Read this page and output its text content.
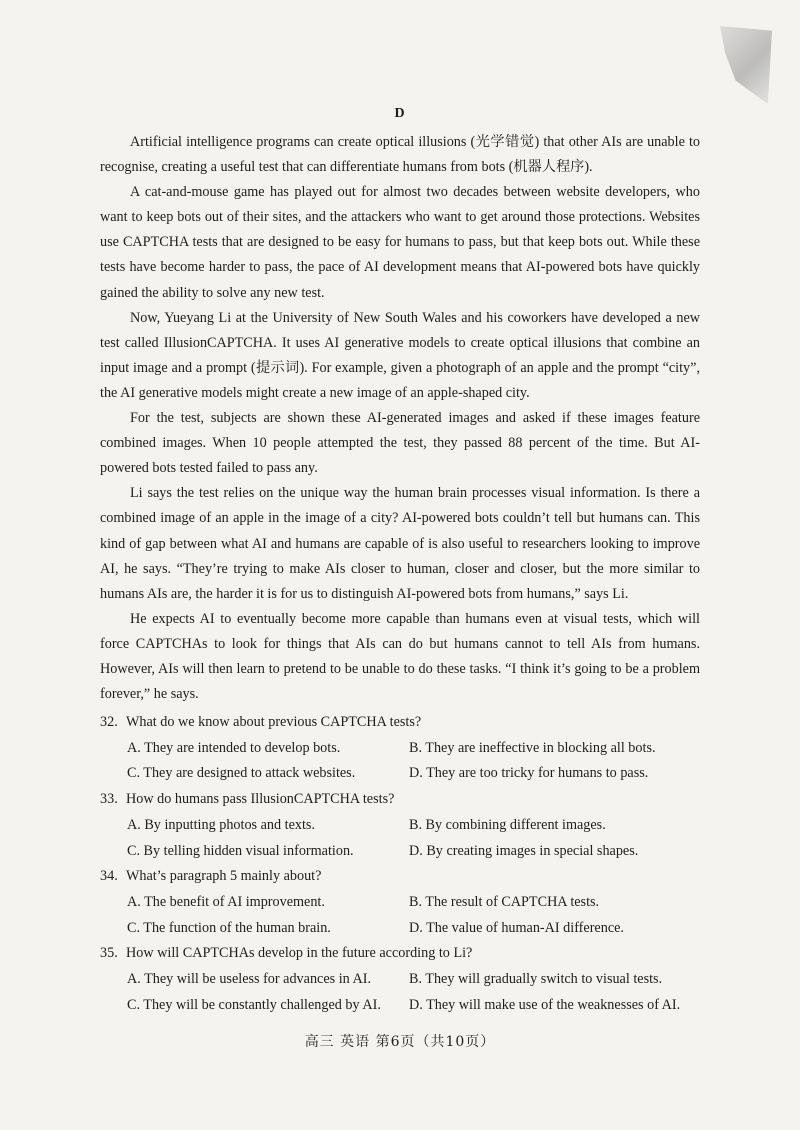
D

Artificial intelligence programs can create optical illusions (光学错觉) that other AIs are unable to recognise, creating a useful test that can differentiate humans from bots (机器人程序).

A cat-and-mouse game has played out for almost two decades between website developers, who want to keep bots out of their sites, and the attackers who want to get around those protections. Websites use CAPTCHA tests that are designed to be easy for humans to pass, but that keep bots out. While these tests have become harder to pass, the pace of AI development means that AI-powered bots have quickly gained the ability to solve any new test.

Now, Yueyang Li at the University of New South Wales and his coworkers have developed a new test called IllusionCAPTCHA. It uses AI generative models to create optical illusions that combine an input image and a prompt (提示词). For example, given a photograph of an apple and the prompt “city”, the AI generative models might create a new image of an apple-shaped city.

For the test, subjects are shown these AI-generated images and asked if these images feature combined images. When 10 people attempted the test, they passed 88 percent of the time. But AI-powered bots tested failed to pass any.

Li says the test relies on the unique way the human brain processes visual information. Is there a combined image of an apple in the image of a city? AI-powered bots couldn’t tell but humans can. This kind of gap between what AI and humans are capable of is also useful to researchers looking to improve AI, he says. “They’re trying to make AIs closer to human, closer and closer, but the more similar to humans AIs are, the harder it is for us to distinguish AI-powered bots from humans,” says Li.

He expects AI to eventually become more capable than humans even at visual tests, which will force CAPTCHAs to look for things that AIs can do but humans cannot to tell AIs from humans. However, AIs will then learn to pretend to be unable to do these tasks. “I think it’s going to be a problem forever,” he says.

32. What do we know about previous CAPTCHA tests?
A. They are intended to develop bots.	B. They are ineffective in blocking all bots.
C. They are designed to attack websites.	D. They are too tricky for humans to pass.
33. How do humans pass IllusionCAPTCHA tests?
A. By inputting photos and texts.	B. By combining different images.
C. By telling hidden visual information.	D. By creating images in special shapes.
34. What’s paragraph 5 mainly about?
A. The benefit of AI improvement.	B. The result of CAPTCHA tests.
C. The function of the human brain.	D. The value of human-AI difference.
35. How will CAPTCHAs develop in the future according to Li?
A. They will be useless for advances in AI.	B. They will gradually switch to visual tests.
C. They will be constantly challenged by AI.	D. They will make use of the weaknesses of AI.
高三 英语 第6页（共10页）
